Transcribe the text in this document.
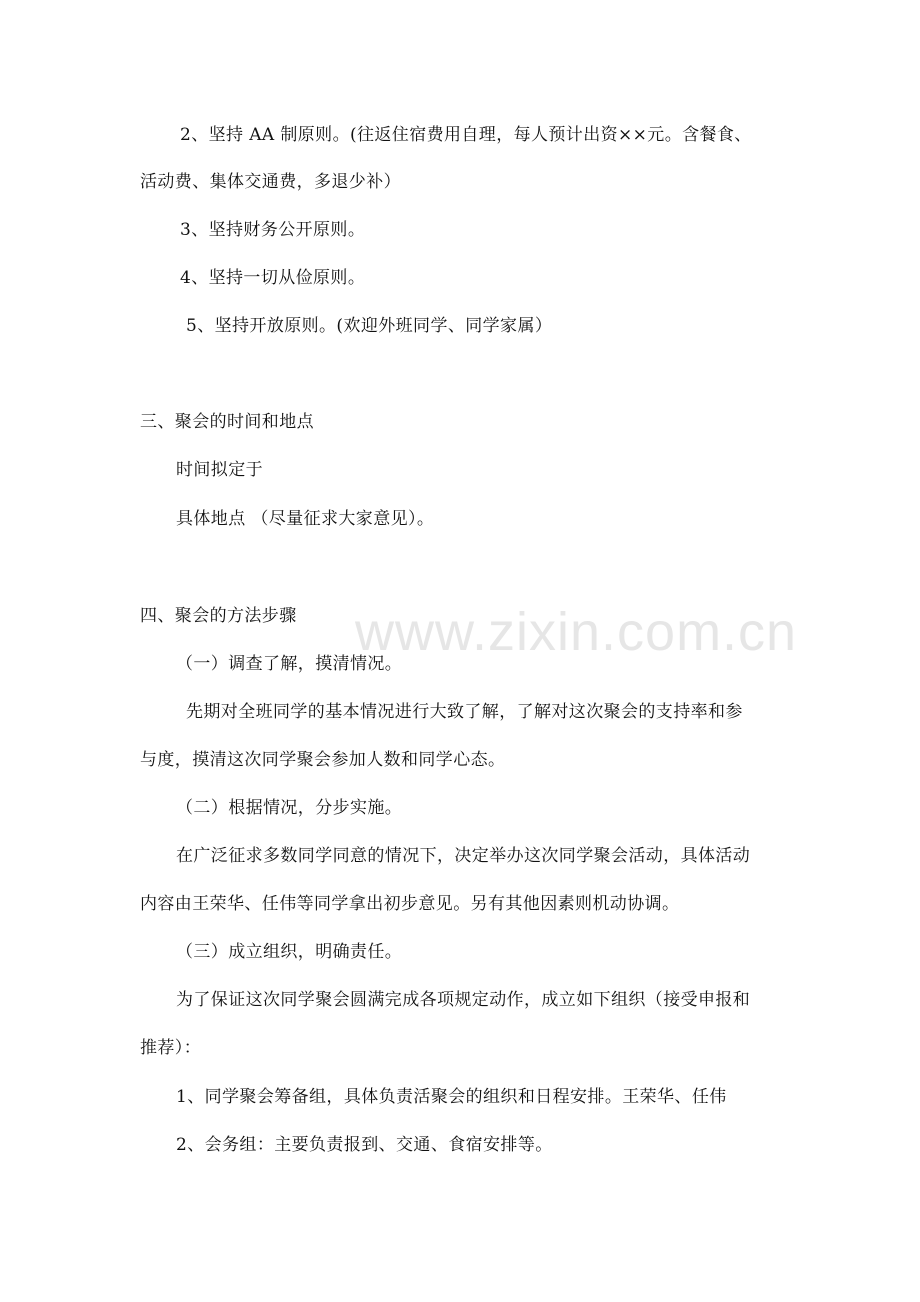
www.zixin.com.cn
2、坚持 AA 制原则。(往返住宿费用自理，每人预计出资××元。含餐食、
活动费、集体交通费，多退少补）
3、坚持财务公开原则。
4、坚持一切从俭原则。
5、坚持开放原则。(欢迎外班同学、同学家属）
三、聚会的时间和地点
时间拟定于
具体地点 （尽量征求大家意见）。
四、聚会的方法步骤
（一）调查了解，摸清情况。
先期对全班同学的基本情况进行大致了解，了解对这次聚会的支持率和参
与度，摸清这次同学聚会参加人数和同学心态。
（二）根据情况，分步实施。
在广泛征求多数同学同意的情况下，决定举办这次同学聚会活动，具体活动
内容由王荣华、任伟等同学拿出初步意见。另有其他因素则机动协调。
（三）成立组织，明确责任。
为了保证这次同学聚会圆满完成各项规定动作，成立如下组织（接受申报和
推荐）：
1、同学聚会筹备组，具体负责活聚会的组织和日程安排。王荣华、任伟
2、会务组：主要负责报到、交通、食宿安排等。
